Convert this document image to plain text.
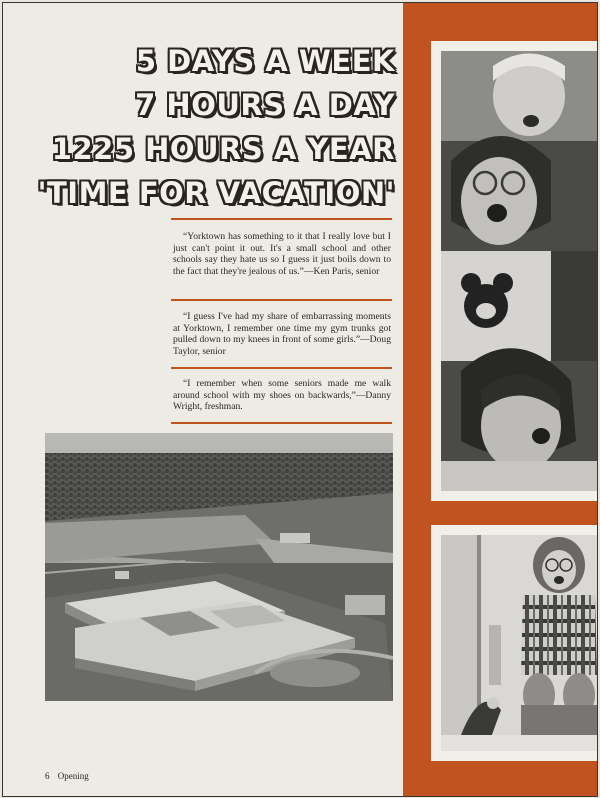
5 DAYS A WEEK
7 HOURS A DAY
1225 HOURS A YEAR
'TIME FOR VACATION'

“Yorktown has something to it that I really love but I just can't point it out. It's a small school and other schools say they hate us so I guess it just boils down to the fact that they're jealous of us.”—Ken Paris, senior

“I guess I've had my share of embarrassing moments at Yorktown, I remember one time my gym trunks got pulled down to my knees in front of some girls.”—Doug Taylor, senior

“I remember when some seniors made me walk around school with my shoes on backwards,”—Danny Wright, freshman.

6 Opening
